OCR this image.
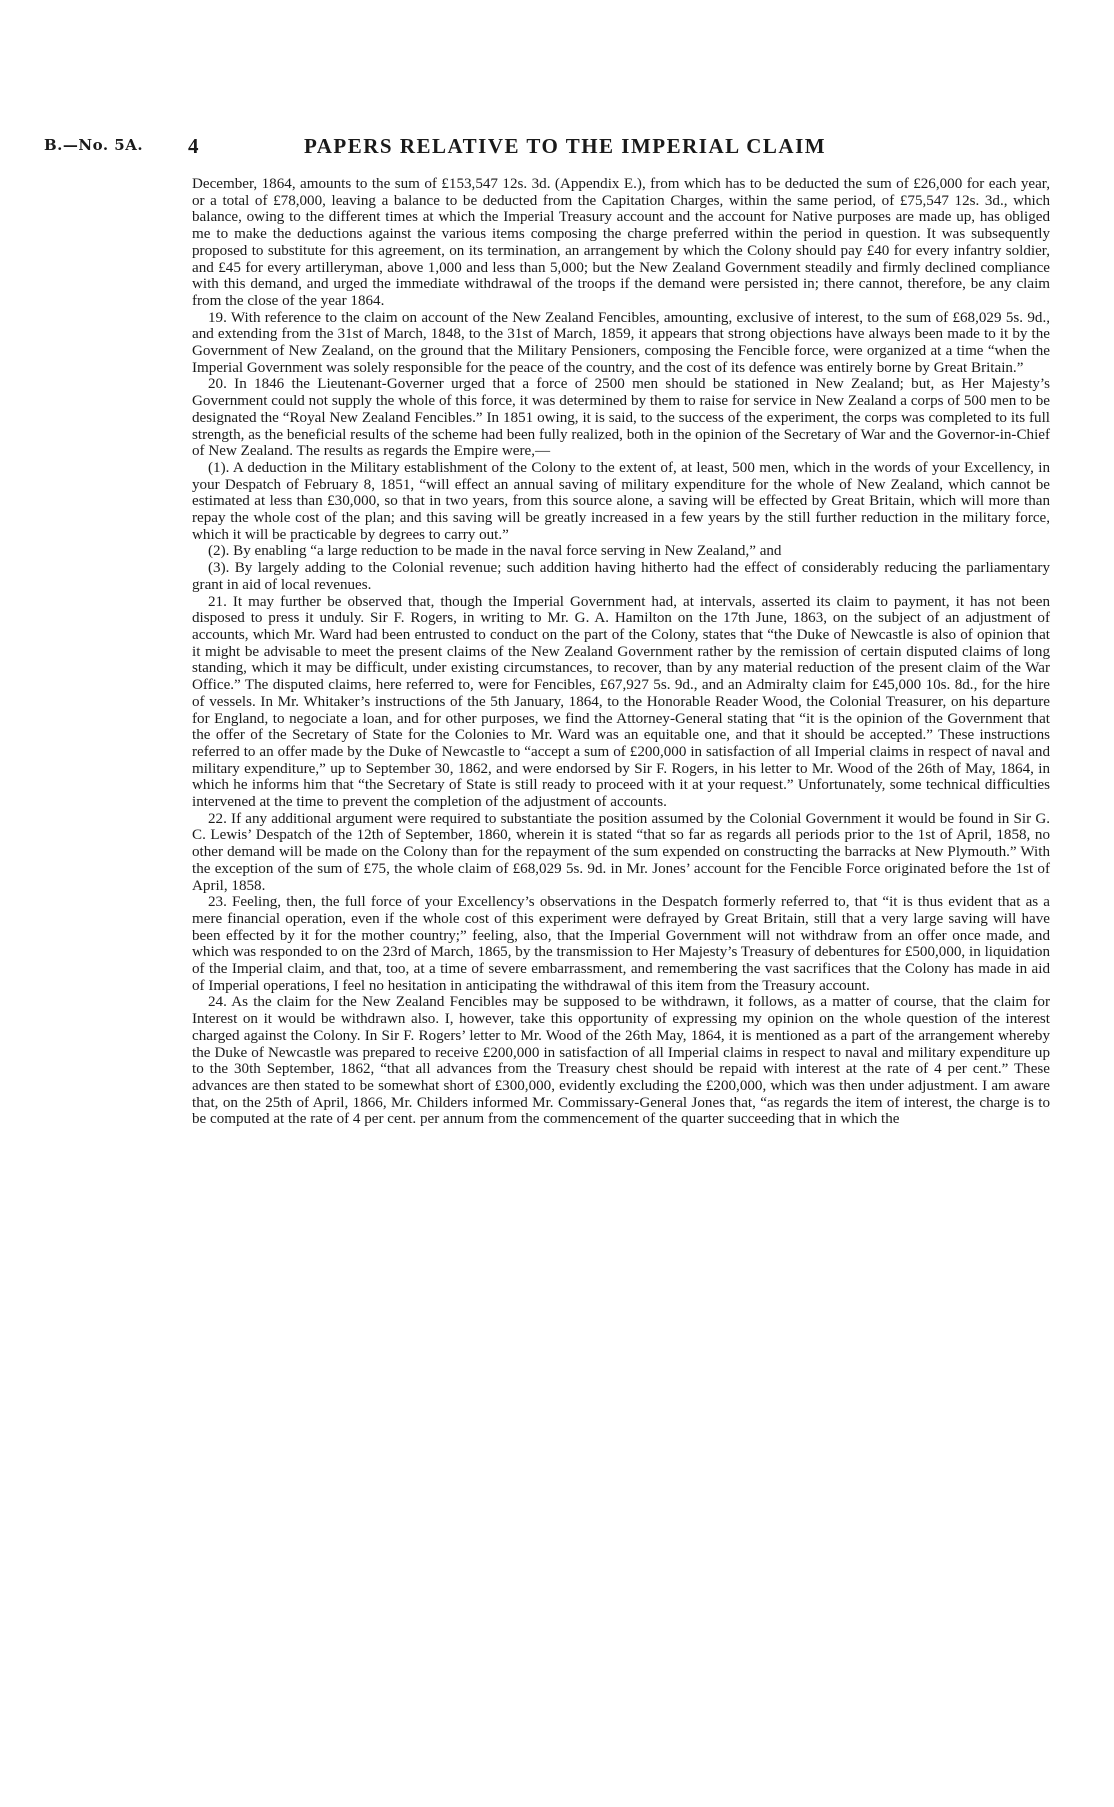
B.—No. 5A. 4	PAPERS RELATIVE TO THE IMPERIAL CLAIM

December, 1864, amounts to the sum of £153,547 12s. 3d. (Appendix E.), from which has to be deducted the sum of £26,000 for each year, or a total of £78,000, leaving a balance to be deducted from the Capitation Charges, within the same period, of £75,547 12s. 3d., which balance, owing to the different times at which the Imperial Treasury account and the account for Native purposes are made up, has obliged me to make the deductions against the various items composing the charge preferred within the period in question. It was subsequently proposed to substitute for this agreement, on its termination, an arrangement by which the Colony should pay £40 for every infantry soldier, and £45 for every artilleryman, above 1,000 and less than 5,000; but the New Zealand Government steadily and firmly declined compliance with this demand, and urged the immediate withdrawal of the troops if the demand were persisted in; there cannot, therefore, be any claim from the close of the year 1864.

19. With reference to the claim on account of the New Zealand Fencibles, amounting, exclusive of interest, to the sum of £68,029 5s. 9d., and extending from the 31st of March, 1848, to the 31st of March, 1859, it appears that strong objections have always been made to it by the Government of New Zealand, on the ground that the Military Pensioners, composing the Fencible force, were organized at a time “when the Imperial Government was solely responsible for the peace of the country, and the cost of its defence was entirely borne by Great Britain.”

20. In 1846 the Lieutenant-Governer urged that a force of 2500 men should be stationed in New Zealand; but, as Her Majesty’s Government could not supply the whole of this force, it was determined by them to raise for service in New Zealand a corps of 500 men to be designated the “Royal New Zealand Fencibles.” In 1851 owing, it is said, to the success of the experiment, the corps was completed to its full strength, as the beneficial results of the scheme had been fully realized, both in the opinion of the Secretary of War and the Governor-in-Chief of New Zealand. The results as regards the Empire were,—

(1). A deduction in the Military establishment of the Colony to the extent of, at least, 500 men, which in the words of your Excellency, in your Despatch of February 8, 1851, “will effect an annual saving of military expenditure for the whole of New Zealand, which cannot be estimated at less than £30,000, so that in two years, from this source alone, a saving will be effected by Great Britain, which will more than repay the whole cost of the plan; and this saving will be greatly increased in a few years by the still further reduction in the military force, which it will be practicable by degrees to carry out.”

(2). By enabling “a large reduction to be made in the naval force serving in New Zealand,” and

(3). By largely adding to the Colonial revenue; such addition having hitherto had the effect of considerably reducing the parliamentary grant in aid of local revenues.

21. It may further be observed that, though the Imperial Government had, at intervals, asserted its claim to payment, it has not been disposed to press it unduly. Sir F. Rogers, in writing to Mr. G. A. Hamilton on the 17th June, 1863, on the subject of an adjustment of accounts, which Mr. Ward had been entrusted to conduct on the part of the Colony, states that “the Duke of Newcastle is also of opinion that it might be advisable to meet the present claims of the New Zealand Government rather by the remission of certain disputed claims of long standing, which it may be difficult, under existing circumstances, to recover, than by any material reduction of the present claim of the War Office.” The disputed claims, here referred to, were for Fencibles, £67,927 5s. 9d., and an Admiralty claim for £45,000 10s. 8d., for the hire of vessels. In Mr. Whitaker’s instructions of the 5th January, 1864, to the Honorable Reader Wood, the Colonial Treasurer, on his departure for England, to negociate a loan, and for other purposes, we find the Attorney-General stating that “it is the opinion of the Government that the offer of the Secretary of State for the Colonies to Mr. Ward was an equitable one, and that it should be accepted.” These instructions referred to an offer made by the Duke of Newcastle to “accept a sum of £200,000 in satisfaction of all Imperial claims in respect of naval and military expenditure,” up to September 30, 1862, and were endorsed by Sir F. Rogers, in his letter to Mr. Wood of the 26th of May, 1864, in which he informs him that “the Secretary of State is still ready to proceed with it at your request.” Unfortunately, some technical difficulties intervened at the time to prevent the completion of the adjustment of accounts.

22. If any additional argument were required to substantiate the position assumed by the Colonial Government it would be found in Sir G. C. Lewis’ Despatch of the 12th of September, 1860, wherein it is stated “that so far as regards all periods prior to the 1st of April, 1858, no other demand will be made on the Colony than for the repayment of the sum expended on constructing the barracks at New Plymouth.” With the exception of the sum of £75, the whole claim of £68,029 5s. 9d. in Mr. Jones’ account for the Fencible Force originated before the 1st of April, 1858.

23. Feeling, then, the full force of your Excellency’s observations in the Despatch formerly referred to, that “it is thus evident that as a mere financial operation, even if the whole cost of this experiment were defrayed by Great Britain, still that a very large saving will have been effected by it for the mother country;” feeling, also, that the Imperial Government will not withdraw from an offer once made, and which was responded to on the 23rd of March, 1865, by the transmission to Her Majesty’s Treasury of debentures for £500,000, in liquidation of the Imperial claim, and that, too, at a time of severe embarrassment, and remembering the vast sacrifices that the Colony has made in aid of Imperial operations, I feel no hesitation in anticipating the withdrawal of this item from the Treasury account.

24. As the claim for the New Zealand Fencibles may be supposed to be withdrawn, it follows, as a matter of course, that the claim for Interest on it would be withdrawn also. I, however, take this opportunity of expressing my opinion on the whole question of the interest charged against the Colony. In Sir F. Rogers’ letter to Mr. Wood of the 26th May, 1864, it is mentioned as a part of the arrangement whereby the Duke of Newcastle was prepared to receive £200,000 in satisfaction of all Imperial claims in respect to naval and military expenditure up to the 30th September, 1862, “that all advances from the Treasury chest should be repaid with interest at the rate of 4 per cent.” These advances are then stated to be somewhat short of £300,000, evidently excluding the £200,000, which was then under adjustment. I am aware that, on the 25th of April, 1866, Mr. Childers informed Mr. Commissary-General Jones that, “as regards the item of interest, the charge is to be computed at the rate of 4 per cent. per annum from the commencement of the quarter succeeding that in which the
